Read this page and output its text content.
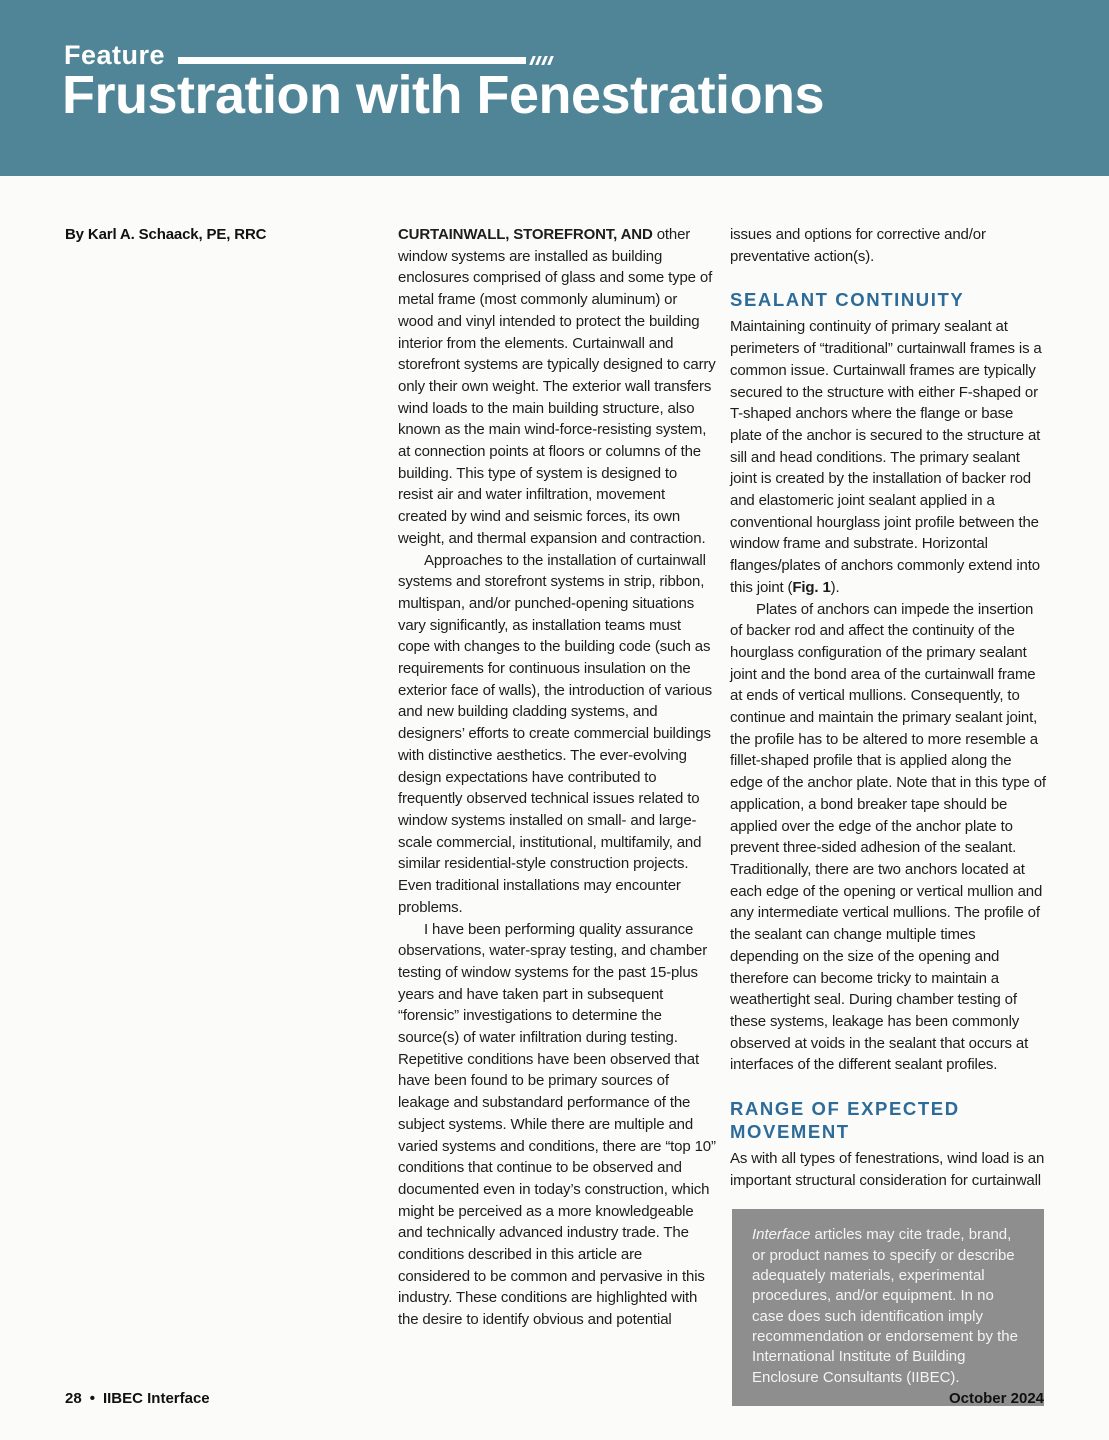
Feature
Frustration with Fenestrations

By Karl A. Schaack, PE, RRC	CURTAINWALL, STOREFRONT, AND other window systems are installed as building enclosures comprised of glass and some type of metal frame (most commonly aluminum) or wood and vinyl intended to protect the building interior from the elements. Curtainwall and storefront systems are typically designed to carry only their own weight. The exterior wall transfers wind loads to the main building structure, also known as the main wind-force-resisting system, at connection points at floors or columns of the building. This type of system is designed to resist air and water infiltration, movement created by wind and seismic forces, its own weight, and thermal expansion and contraction.

Approaches to the installation of curtainwall systems and storefront systems in strip, ribbon, multispan, and/or punched-opening situations vary significantly, as installation teams must cope with changes to the building code (such as requirements for continuous insulation on the exterior face of walls), the introduction of various and new building cladding systems, and designers’ efforts to create commercial buildings with distinctive aesthetics. The ever-evolving design expectations have contributed to frequently observed technical issues related to window systems installed on small- and large-scale commercial, institutional, multifamily, and similar residential-style construction projects. Even traditional installations may encounter problems.

I have been performing quality assurance observations, water-spray testing, and chamber testing of window systems for the past 15-plus years and have taken part in subsequent “forensic” investigations to determine the source(s) of water infiltration during testing. Repetitive conditions have been observed that have been found to be primary sources of leakage and substandard performance of the subject systems. While there are multiple and varied systems and conditions, there are “top 10” conditions that continue to be observed and documented even in today’s construction, which might be perceived as a more knowledgeable and technically advanced industry trade. The conditions described in this article are considered to be common and pervasive in this industry. These conditions are highlighted with the desire to identify obvious and potential

issues and options for corrective and/or preventative action(s).

SEALANT CONTINUITY

Maintaining continuity of primary sealant at perimeters of “traditional” curtainwall frames is a common issue. Curtainwall frames are typically secured to the structure with either F-shaped or T-shaped anchors where the flange or base plate of the anchor is secured to the structure at sill and head conditions. The primary sealant joint is created by the installation of backer rod and elastomeric joint sealant applied in a conventional hourglass joint profile between the window frame and substrate. Horizontal flanges/plates of anchors commonly extend into this joint (Fig. 1).

Plates of anchors can impede the insertion of backer rod and affect the continuity of the hourglass configuration of the primary sealant joint and the bond area of the curtainwall frame at ends of vertical mullions. Consequently, to continue and maintain the primary sealant joint, the profile has to be altered to more resemble a fillet-shaped profile that is applied along the edge of the anchor plate. Note that in this type of application, a bond breaker tape should be applied over the edge of the anchor plate to prevent three-sided adhesion of the sealant. Traditionally, there are two anchors located at each edge of the opening or vertical mullion and any intermediate vertical mullions. The profile of the sealant can change multiple times depending on the size of the opening and therefore can become tricky to maintain a weathertight seal. During chamber testing of these systems, leakage has been commonly observed at voids in the sealant that occurs at interfaces of the different sealant profiles.

RANGE OF EXPECTED MOVEMENT

As with all types of fenestrations, wind load is an important structural consideration for curtainwall

Interface articles may cite trade, brand, or product names to specify or describe adequately materials, experimental procedures, and/or equipment. In no case does such identification imply recommendation or endorsement by the International Institute of Building Enclosure Consultants (IIBEC).

28 • IIBEC Interface	October 2024
